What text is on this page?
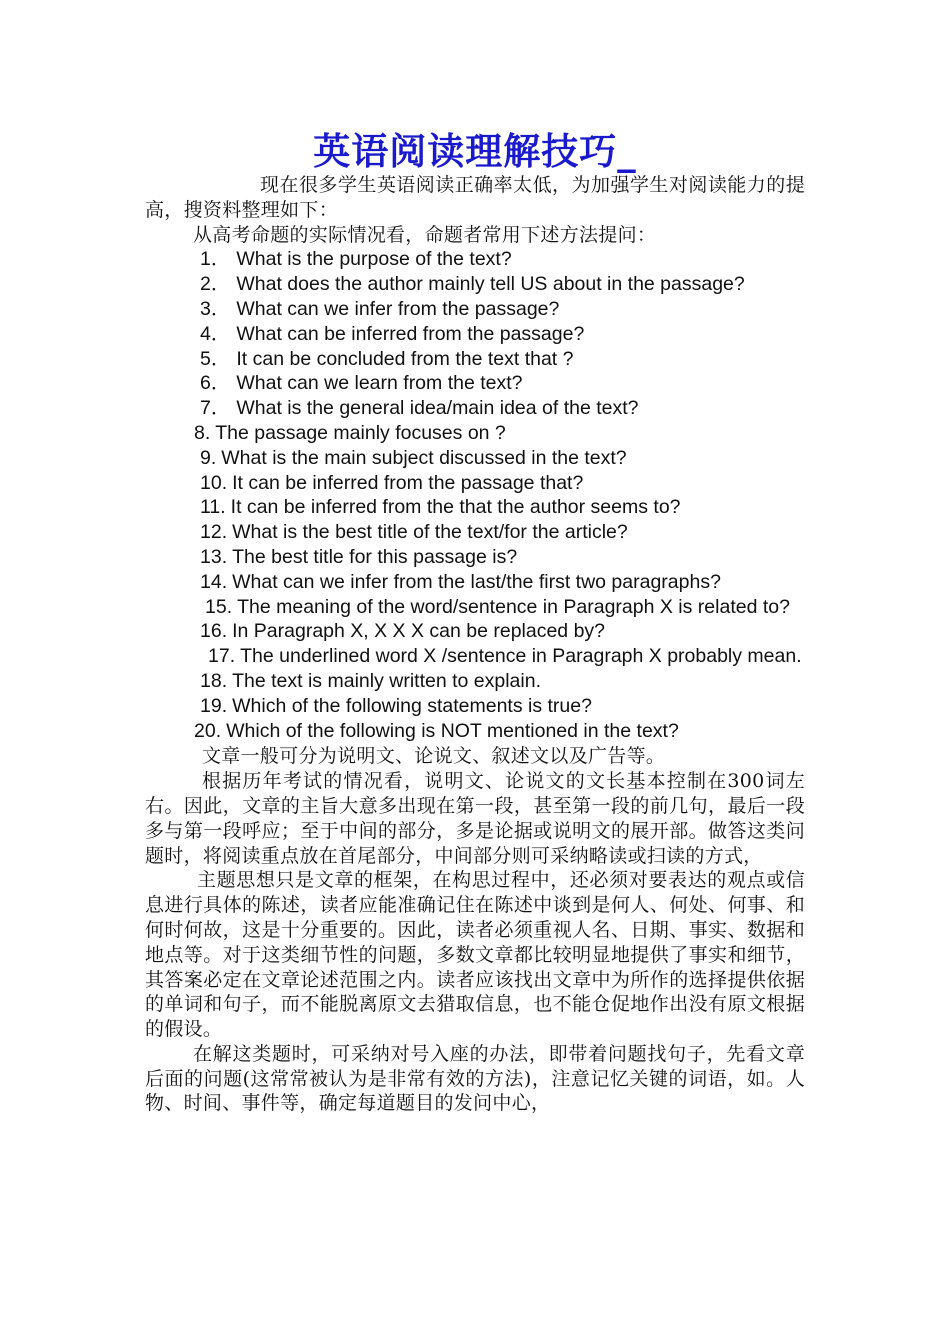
英语阅读理解技巧_

现在很多学生英语阅读正确率太低，为加强学生对阅读能力的提高，搜资料整理如下：

从高考命题的实际情况看，命题者常用下述方法提问：

1． What is the purpose of the text?
2． What does the author mainly tell US about in the passage?
3． What can we infer from the passage?
4． What can be inferred from the passage?
5． It can be concluded from the text that ?
6． What can we learn from the text?
7． What is the general idea/main idea of the text?
8. The passage mainly focuses on ?
9. What is the main subject discussed in the text?
10. It can be inferred from the passage that?
11. It can be inferred from the that the author seems to?
12. What is the best title of the text/for the article?
13. The best title for this passage is?
14. What can we infer from the last/the first two paragraphs?
15. The meaning of the word/sentence in Paragraph X is related to?
16. In Paragraph X, X X X can be replaced by?
17. The underlined word X /sentence in Paragraph X probably mean.
18. The text is mainly written to explain.
19. Which of the following statements is true?
20. Which of the following is NOT mentioned in the text?

文章一般可分为说明文、论说文、叙述文以及广告等。

根据历年考试的情况看，说明文、论说文的文长基本控制在300词左右。因此，文章的主旨大意多出现在第一段，甚至第一段的前几句，最后一段多与第一段呼应；至于中间的部分，多是论据或说明文的展开部。做答这类问题时，将阅读重点放在首尾部分，中间部分则可采纳略读或扫读的方式，

主题思想只是文章的框架，在构思过程中，还必须对要表达的观点或信息进行具体的陈述，读者应能准确记住在陈述中谈到是何人、何处、何事、和何时何故，这是十分重要的。因此，读者必须重视人名、日期、事实、数据和地点等。对于这类细节性的问题，多数文章都比较明显地提供了事实和细节，其答案必定在文章论述范围之内。读者应该找出文章中为所作的选择提供依据的单词和句子，而不能脱离原文去猎取信息，也不能仓促地作出没有原文根据的假设。

在解这类题时，可采纳对号入座的办法，即带着问题找句子，先看文章后面的问题(这常常被认为是非常有效的方法)，注意记忆关键的词语，如。人物、时间、事件等，确定每道题目的发问中心，
